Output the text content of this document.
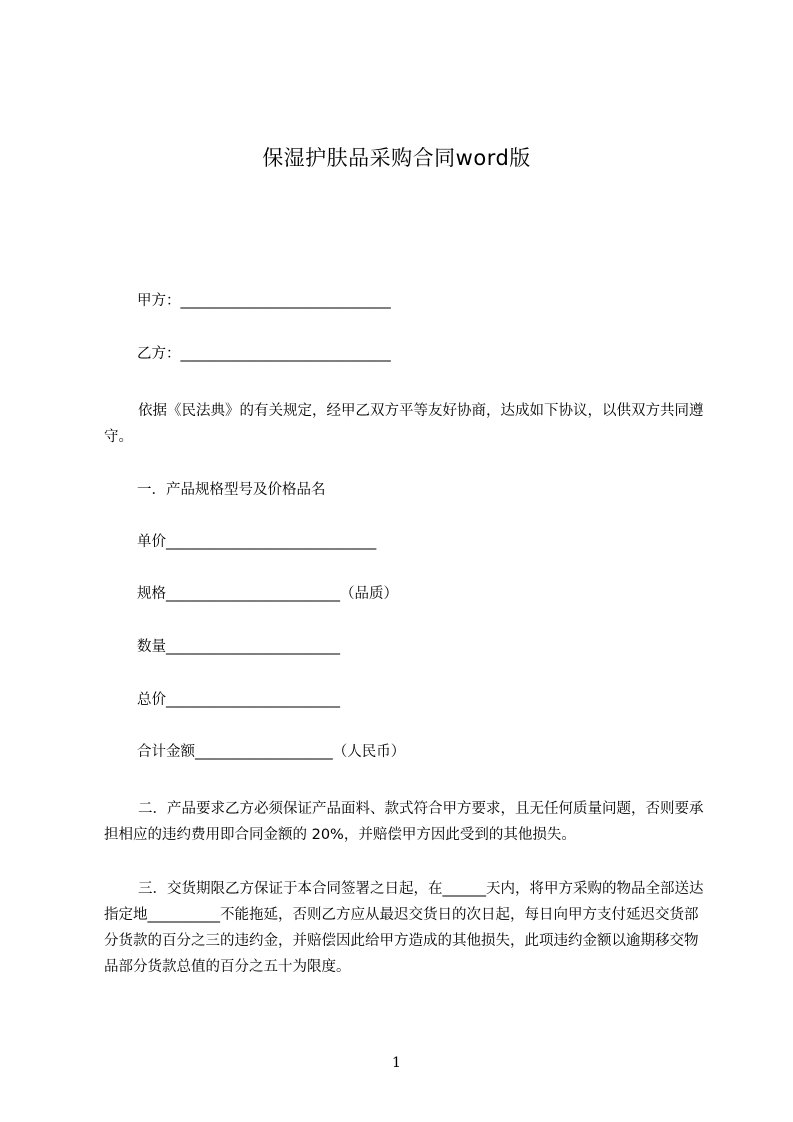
保湿护肤品采购合同word版
甲方：_____________________________
乙方：_____________________________
依据《民法典》的有关规定，经甲乙双方平等友好协商，达成如下协议，以供双方共同遵守。
一．产品规格型号及价格品名
单价_____________________________
规格________________________（品质）
数量________________________
总价________________________
合计金额___________________（人民币）
二．产品要求乙方必须保证产品面料、款式符合甲方要求，且无任何质量问题，否则要承担相应的违约费用即合同金额的 20%，并赔偿甲方因此受到的其他损失。
三．交货期限乙方保证于本合同签署之日起，在______天内，将甲方采购的物品全部送达指定地__________不能拖延，否则乙方应从最迟交货日的次日起，每日向甲方支付延迟交货部分货款的百分之三的违约金，并赔偿因此给甲方造成的其他损失，此项违约金额以逾期移交物品部分货款总值的百分之五十为限度。
1
